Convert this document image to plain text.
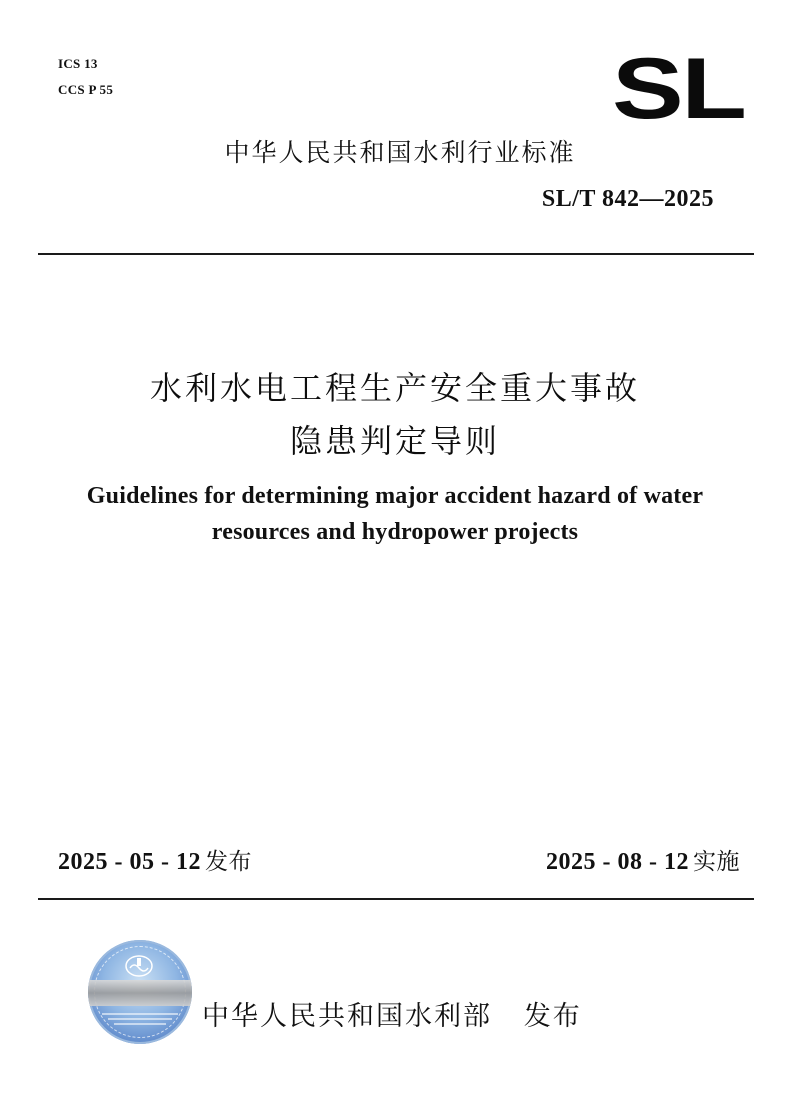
ICS 13
CCS P 55	SL
中华人民共和国水利行业标准
SL/T 842—2025
水利水电工程生产安全重大事故
隐患判定导则
Guidelines for determining major accident hazard of water
resources and hydropower projects
2025 - 05 - 12 发布	2025 - 08 - 12 实施
中华人民共和国水利部   发布
